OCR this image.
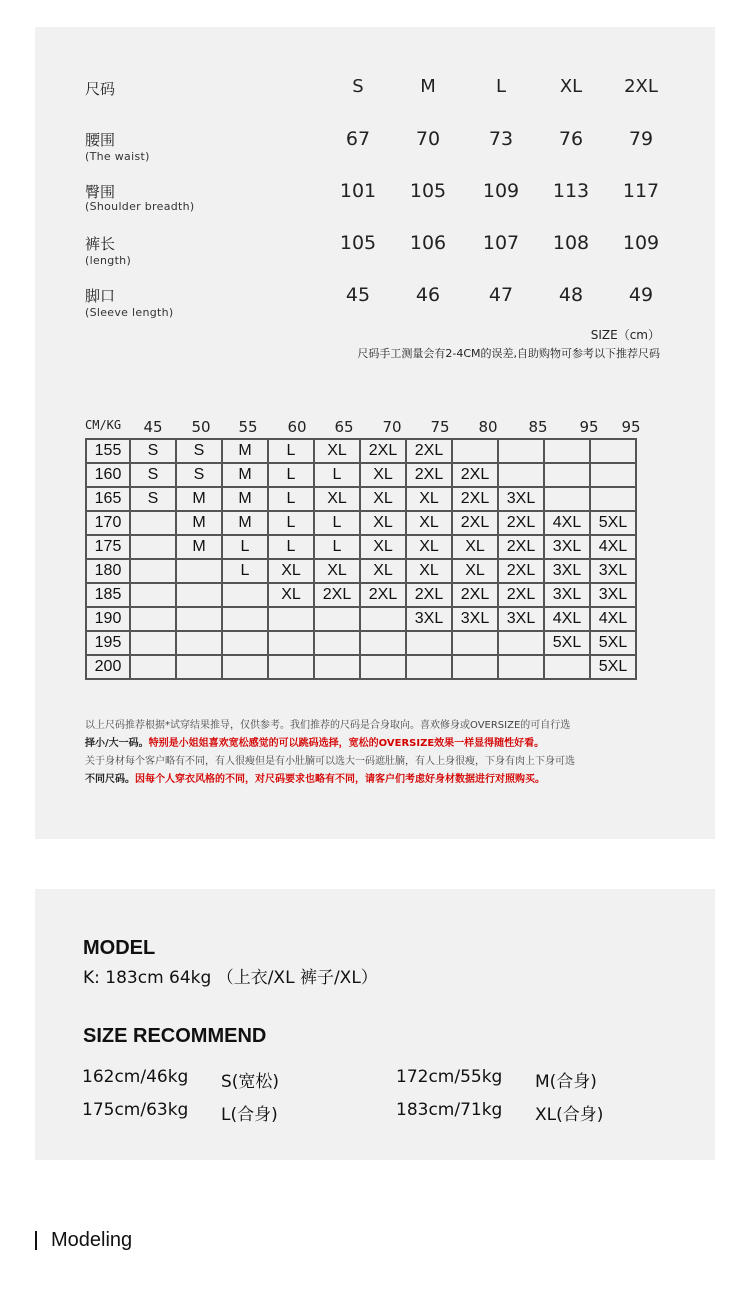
尺码	S	M	L	XL	2XL
腰围
(The waist)
67	70	73	76	79
臀围
(Shoulder breadth)
101	105	109	113	117
裤长
(length)
105	106	107	108	109
脚口
(Sleeve length)
45	46	47	48	49
SIZE（cm）
尺码手工测量会有2-4CM的误差,自助购物可参考以下推荐尺码
CM/KG	45	50	55	60	65	70	75	80	85	95	95
155	S	S	M	L	XL	2XL	2XL				
160	S	S	M	L	L	XL	2XL	2XL			
165	S	M	M	L	XL	XL	XL	2XL	3XL		
170		M	M	L	L	XL	XL	2XL	2XL	4XL	5XL
175		M	L	L	L	XL	XL	XL	2XL	3XL	4XL
180			L	XL	XL	XL	XL	XL	2XL	3XL	3XL
185				XL	2XL	2XL	2XL	2XL	2XL	3XL	3XL
190							3XL	3XL	3XL	4XL	4XL
195										5XL	5XL
200											5XL
以上尺码推荐根据*试穿结果推导，仅供参考。我们推荐的尺码是合身取向。喜欢修身或OVERSIZE的可自行选
择小/大一码。特别是小姐姐喜欢宽松感觉的可以跳码选择，宽松的OVERSIZE效果一样显得随性好看。
关于身材每个客户略有不同，有人很瘦但是有小肚腩可以选大一码遮肚腩，有人上身很瘦，下身有肉上下身可选
不同尺码。因每个人穿衣风格的不同，对尺码要求也略有不同，请客户们考虑好身材数据进行对照购买。
MODEL
K: 183cm 64kg （上衣/XL 裤子/XL）
SIZE RECOMMEND
162cm/46kg S(宽松)	172cm/55kg M(合身)
175cm/63kg L(合身)	183cm/71kg XL(合身)
Modeling
